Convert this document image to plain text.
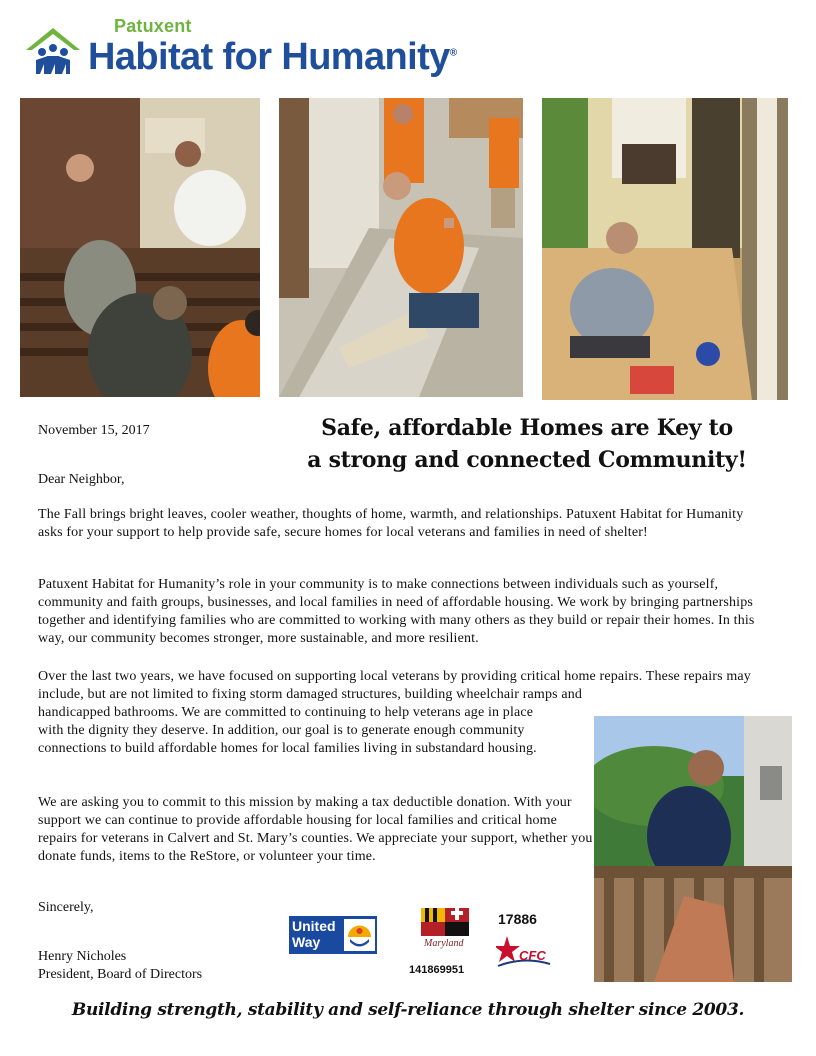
Patuxent
Habitat for Humanity®
November 15, 2017	Safe, affordable Homes are Key to
a strong and connected Community!
Dear Neighbor,

The Fall brings bright leaves, cooler weather, thoughts of home, warmth, and relationships. Patuxent Habitat for Humanity asks for your support to help provide safe, secure homes for local veterans and families in need of shelter!

Patuxent Habitat for Humanity’s role in your community is to make connections between individuals such as yourself, community and faith groups, businesses, and local families in need of affordable housing. We work by bringing partnerships together and identifying families who are committed to working with many others as they build or repair their homes. In this way, our community becomes stronger, more sustainable, and more resilient.

Over the last two years, we have focused on supporting local veterans by providing critical home repairs. These repairs may include, but are not limited to fixing storm damaged structures, building wheelchair ramps and
handicapped bathrooms. We are committed to continuing to help veterans age in place with the dignity they deserve. In addition, our goal is to generate enough community connections to build affordable homes for local families living in substandard housing.

We are asking you to commit to this mission by making a tax deductible donation. With your support we can continue to provide affordable housing for local families and critical home repairs for veterans in Calvert and St. Mary’s counties. We appreciate your support, whether you donate funds, items to the ReStore, or volunteer your time.

Sincerely,
Henry Nicholes
President, Board of Directors
United Way	Maryland
141869951
17886
CFC
Building strength, stability and self-reliance through shelter since 2003.
